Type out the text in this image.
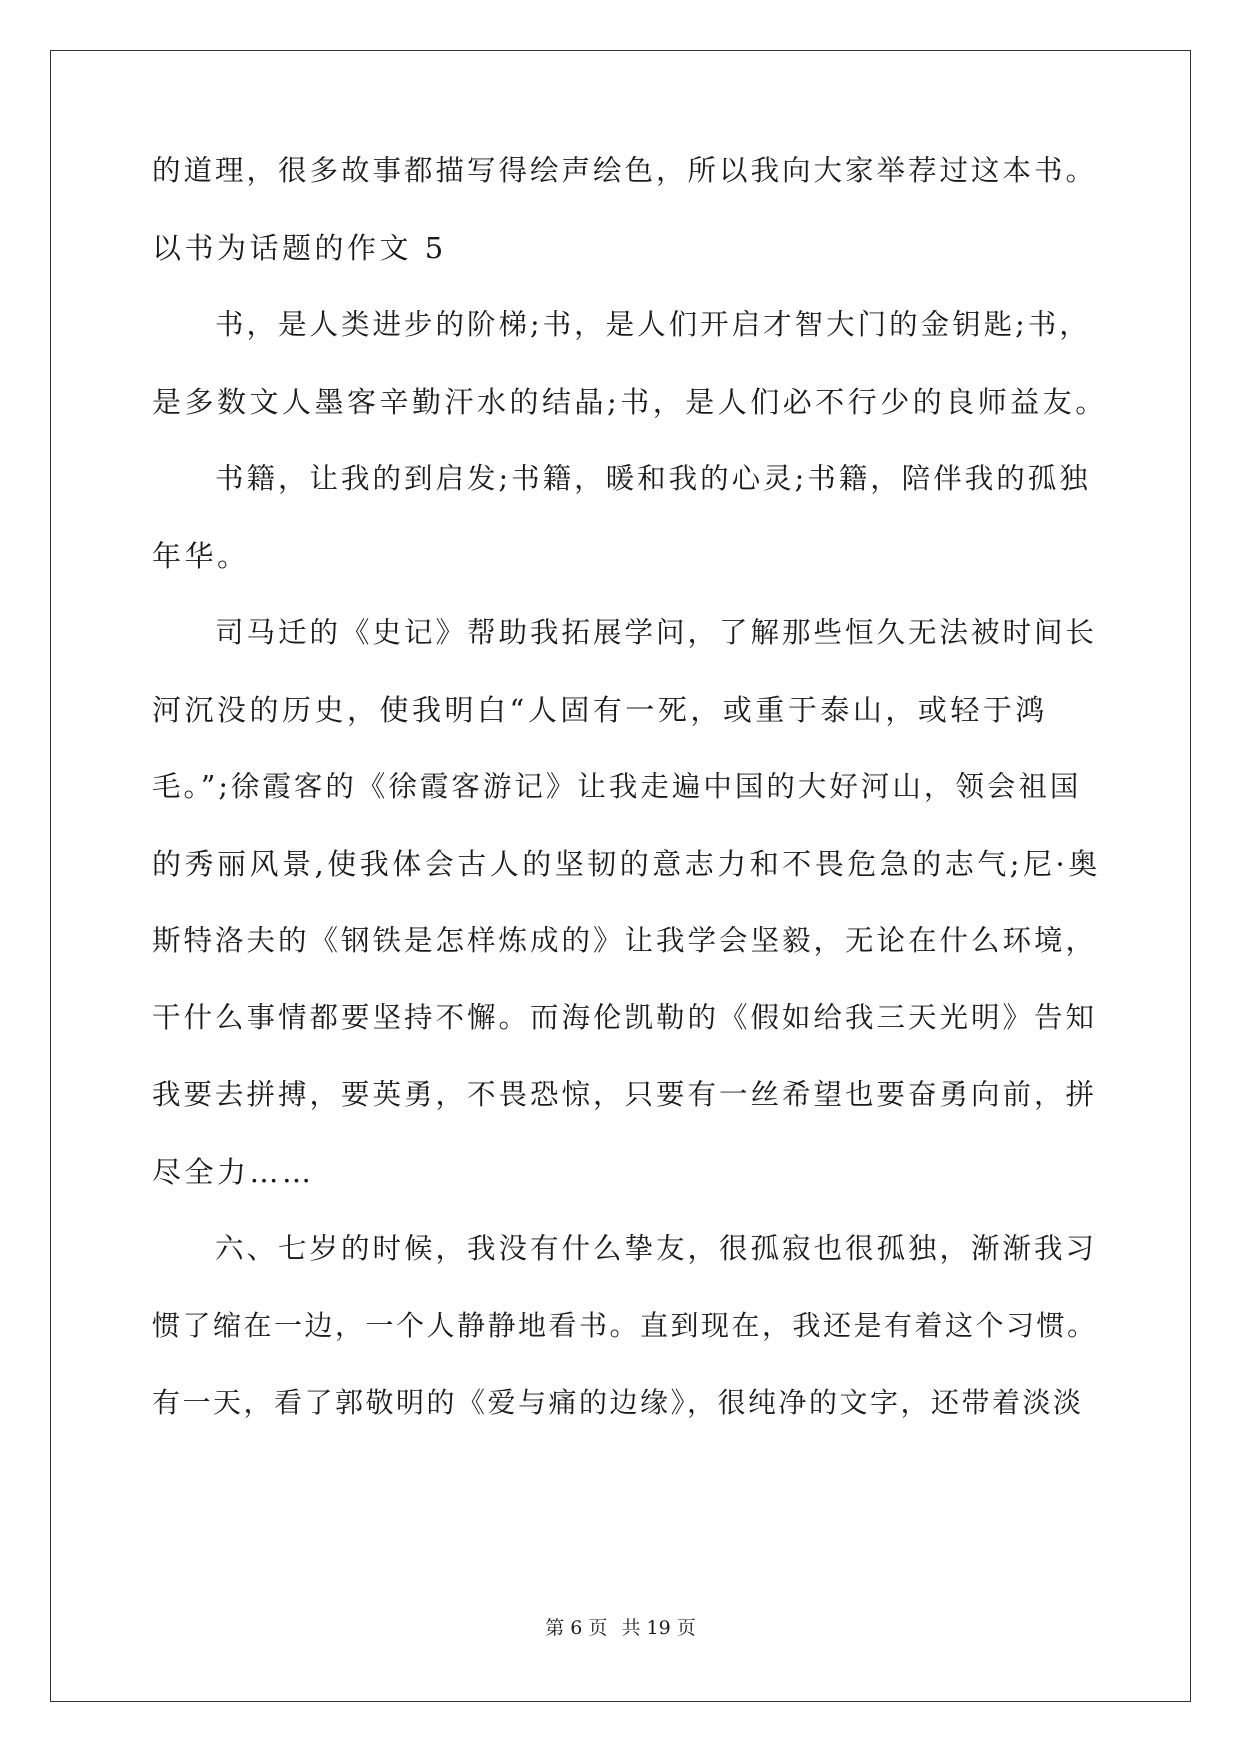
的道理，很多故事都描写得绘声绘色，所以我向大家举荐过这本书。
以书为话题的作文 5
　　书，是人类进步的阶梯;书，是人们开启才智大门的金钥匙;书，
是多数文人墨客辛勤汗水的结晶;书，是人们必不行少的良师益友。
　　书籍，让我的到启发;书籍，暖和我的心灵;书籍，陪伴我的孤独
年华。
　　司马迁的《史记》帮助我拓展学问，了解那些恒久无法被时间长
河沉没的历史，使我明白“人固有一死，或重于泰山，或轻于鸿
毛。”;徐霞客的《徐霞客游记》让我走遍中国的大好河山，领会祖国
的秀丽风景,使我体会古人的坚韧的意志力和不畏危急的志气;尼·奥
斯特洛夫的《钢铁是怎样炼成的》让我学会坚毅，无论在什么环境，
干什么事情都要坚持不懈。而海伦凯勒的《假如给我三天光明》告知
我要去拼搏，要英勇，不畏恐惊，只要有一丝希望也要奋勇向前，拼
尽全力……
　　六、七岁的时候，我没有什么挚友，很孤寂也很孤独，渐渐我习
惯了缩在一边，一个人静静地看书。直到现在，我还是有着这个习惯。
有一天，看了郭敬明的《爱与痛的边缘》，很纯净的文字，还带着淡淡
第 6 页 共 19 页
